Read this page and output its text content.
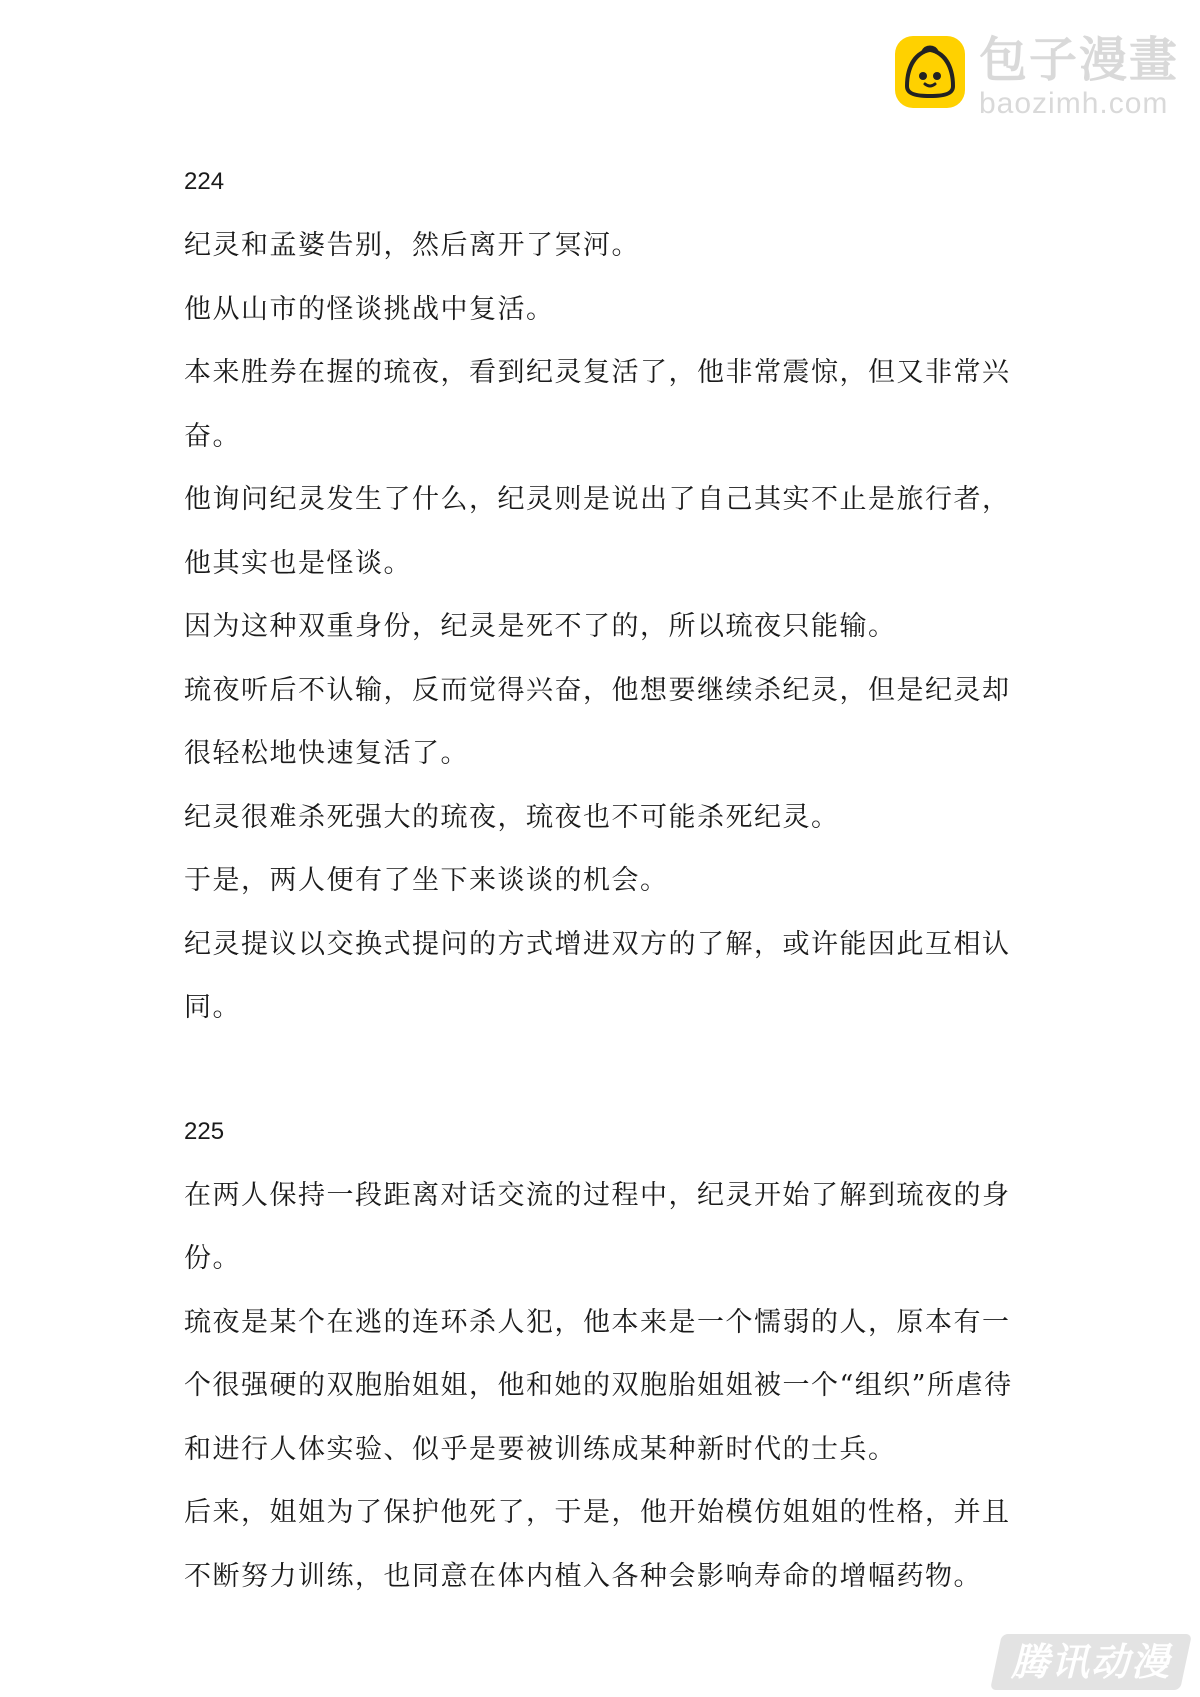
包子漫畫
baozimh.com
224

纪灵和孟婆告别，然后离开了冥河。

他从山市的怪谈挑战中复活。

本来胜券在握的琉夜，看到纪灵复活了，他非常震惊，但又非常兴奋。

他询问纪灵发生了什么，纪灵则是说出了自己其实不止是旅行者，他其实也是怪谈。

因为这种双重身份，纪灵是死不了的，所以琉夜只能输。

琉夜听后不认输，反而觉得兴奋，他想要继续杀纪灵，但是纪灵却很轻松地快速复活了。

纪灵很难杀死强大的琉夜，琉夜也不可能杀死纪灵。

于是，两人便有了坐下来谈谈的机会。

纪灵提议以交换式提问的方式增进双方的了解，或许能因此互相认同。

225

在两人保持一段距离对话交流的过程中，纪灵开始了解到琉夜的身份。

琉夜是某个在逃的连环杀人犯，他本来是一个懦弱的人，原本有一个很强硬的双胞胎姐姐，他和她的双胞胎姐姐被一个“组织”所虐待和进行人体实验、似乎是要被训练成某种新时代的士兵。

后来，姐姐为了保护他死了，于是，他开始模仿姐姐的性格，并且不断努力训练，也同意在体内植入各种会影响寿命的增幅药物。

腾讯动漫
